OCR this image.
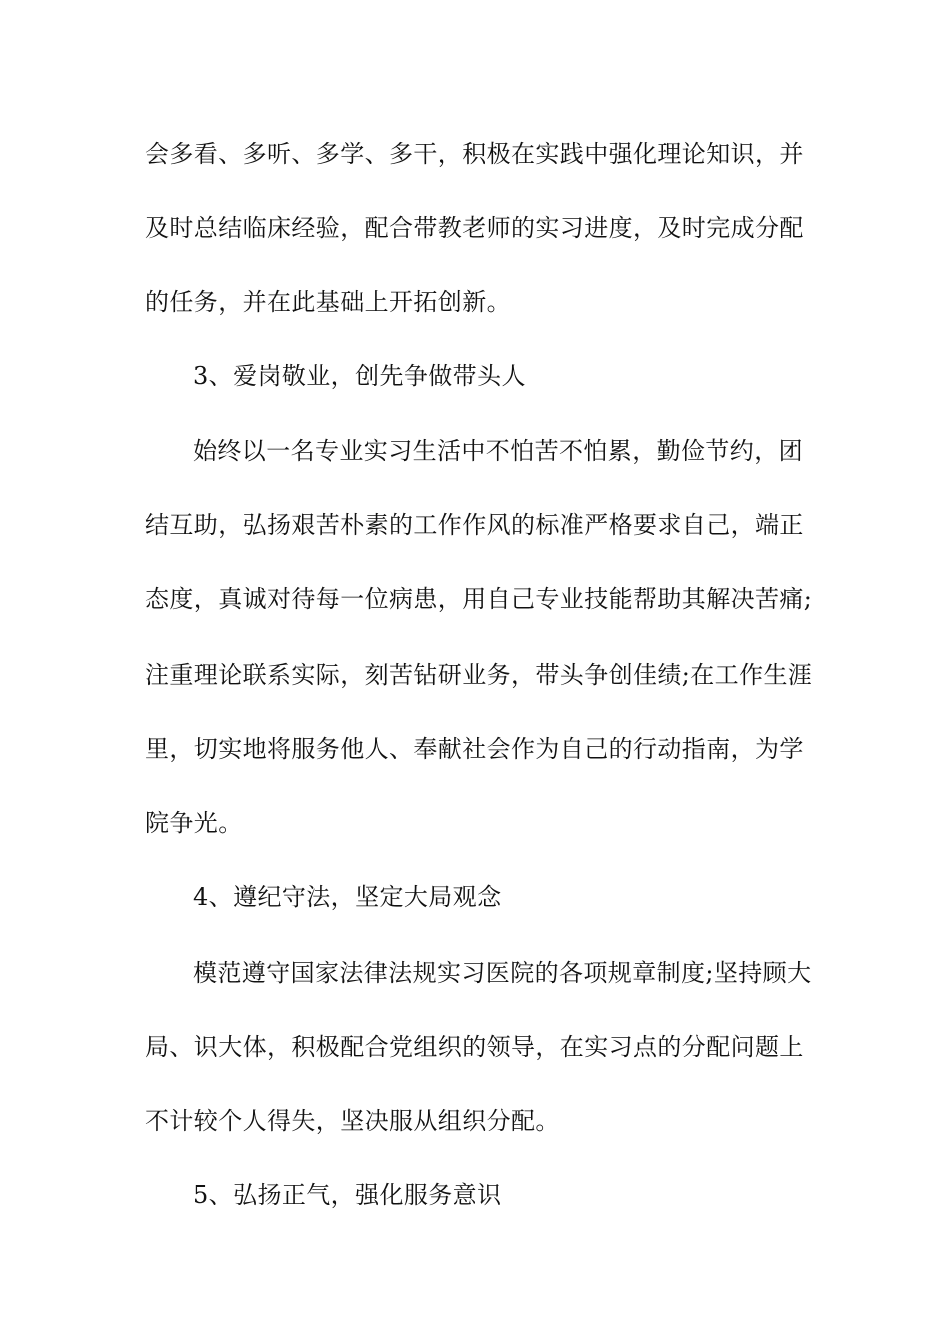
会多看、多听、多学、多干，积极在实践中强化理论知识，并
及时总结临床经验，配合带教老师的实习进度，及时完成分配
的任务，并在此基础上开拓创新。
3、爱岗敬业，创先争做带头人
始终以一名专业实习生活中不怕苦不怕累，勤俭节约，团
结互助，弘扬艰苦朴素的工作作风的标准严格要求自己，端正
态度，真诚对待每一位病患，用自己专业技能帮助其解决苦痛;
注重理论联系实际，刻苦钻研业务，带头争创佳绩;在工作生涯
里，切实地将服务他人、奉献社会作为自己的行动指南，为学
院争光。
4、遵纪守法，坚定大局观念
模范遵守国家法律法规实习医院的各项规章制度;坚持顾大
局、识大体，积极配合党组织的领导，在实习点的分配问题上
不计较个人得失，坚决服从组织分配。
5、弘扬正气，强化服务意识
